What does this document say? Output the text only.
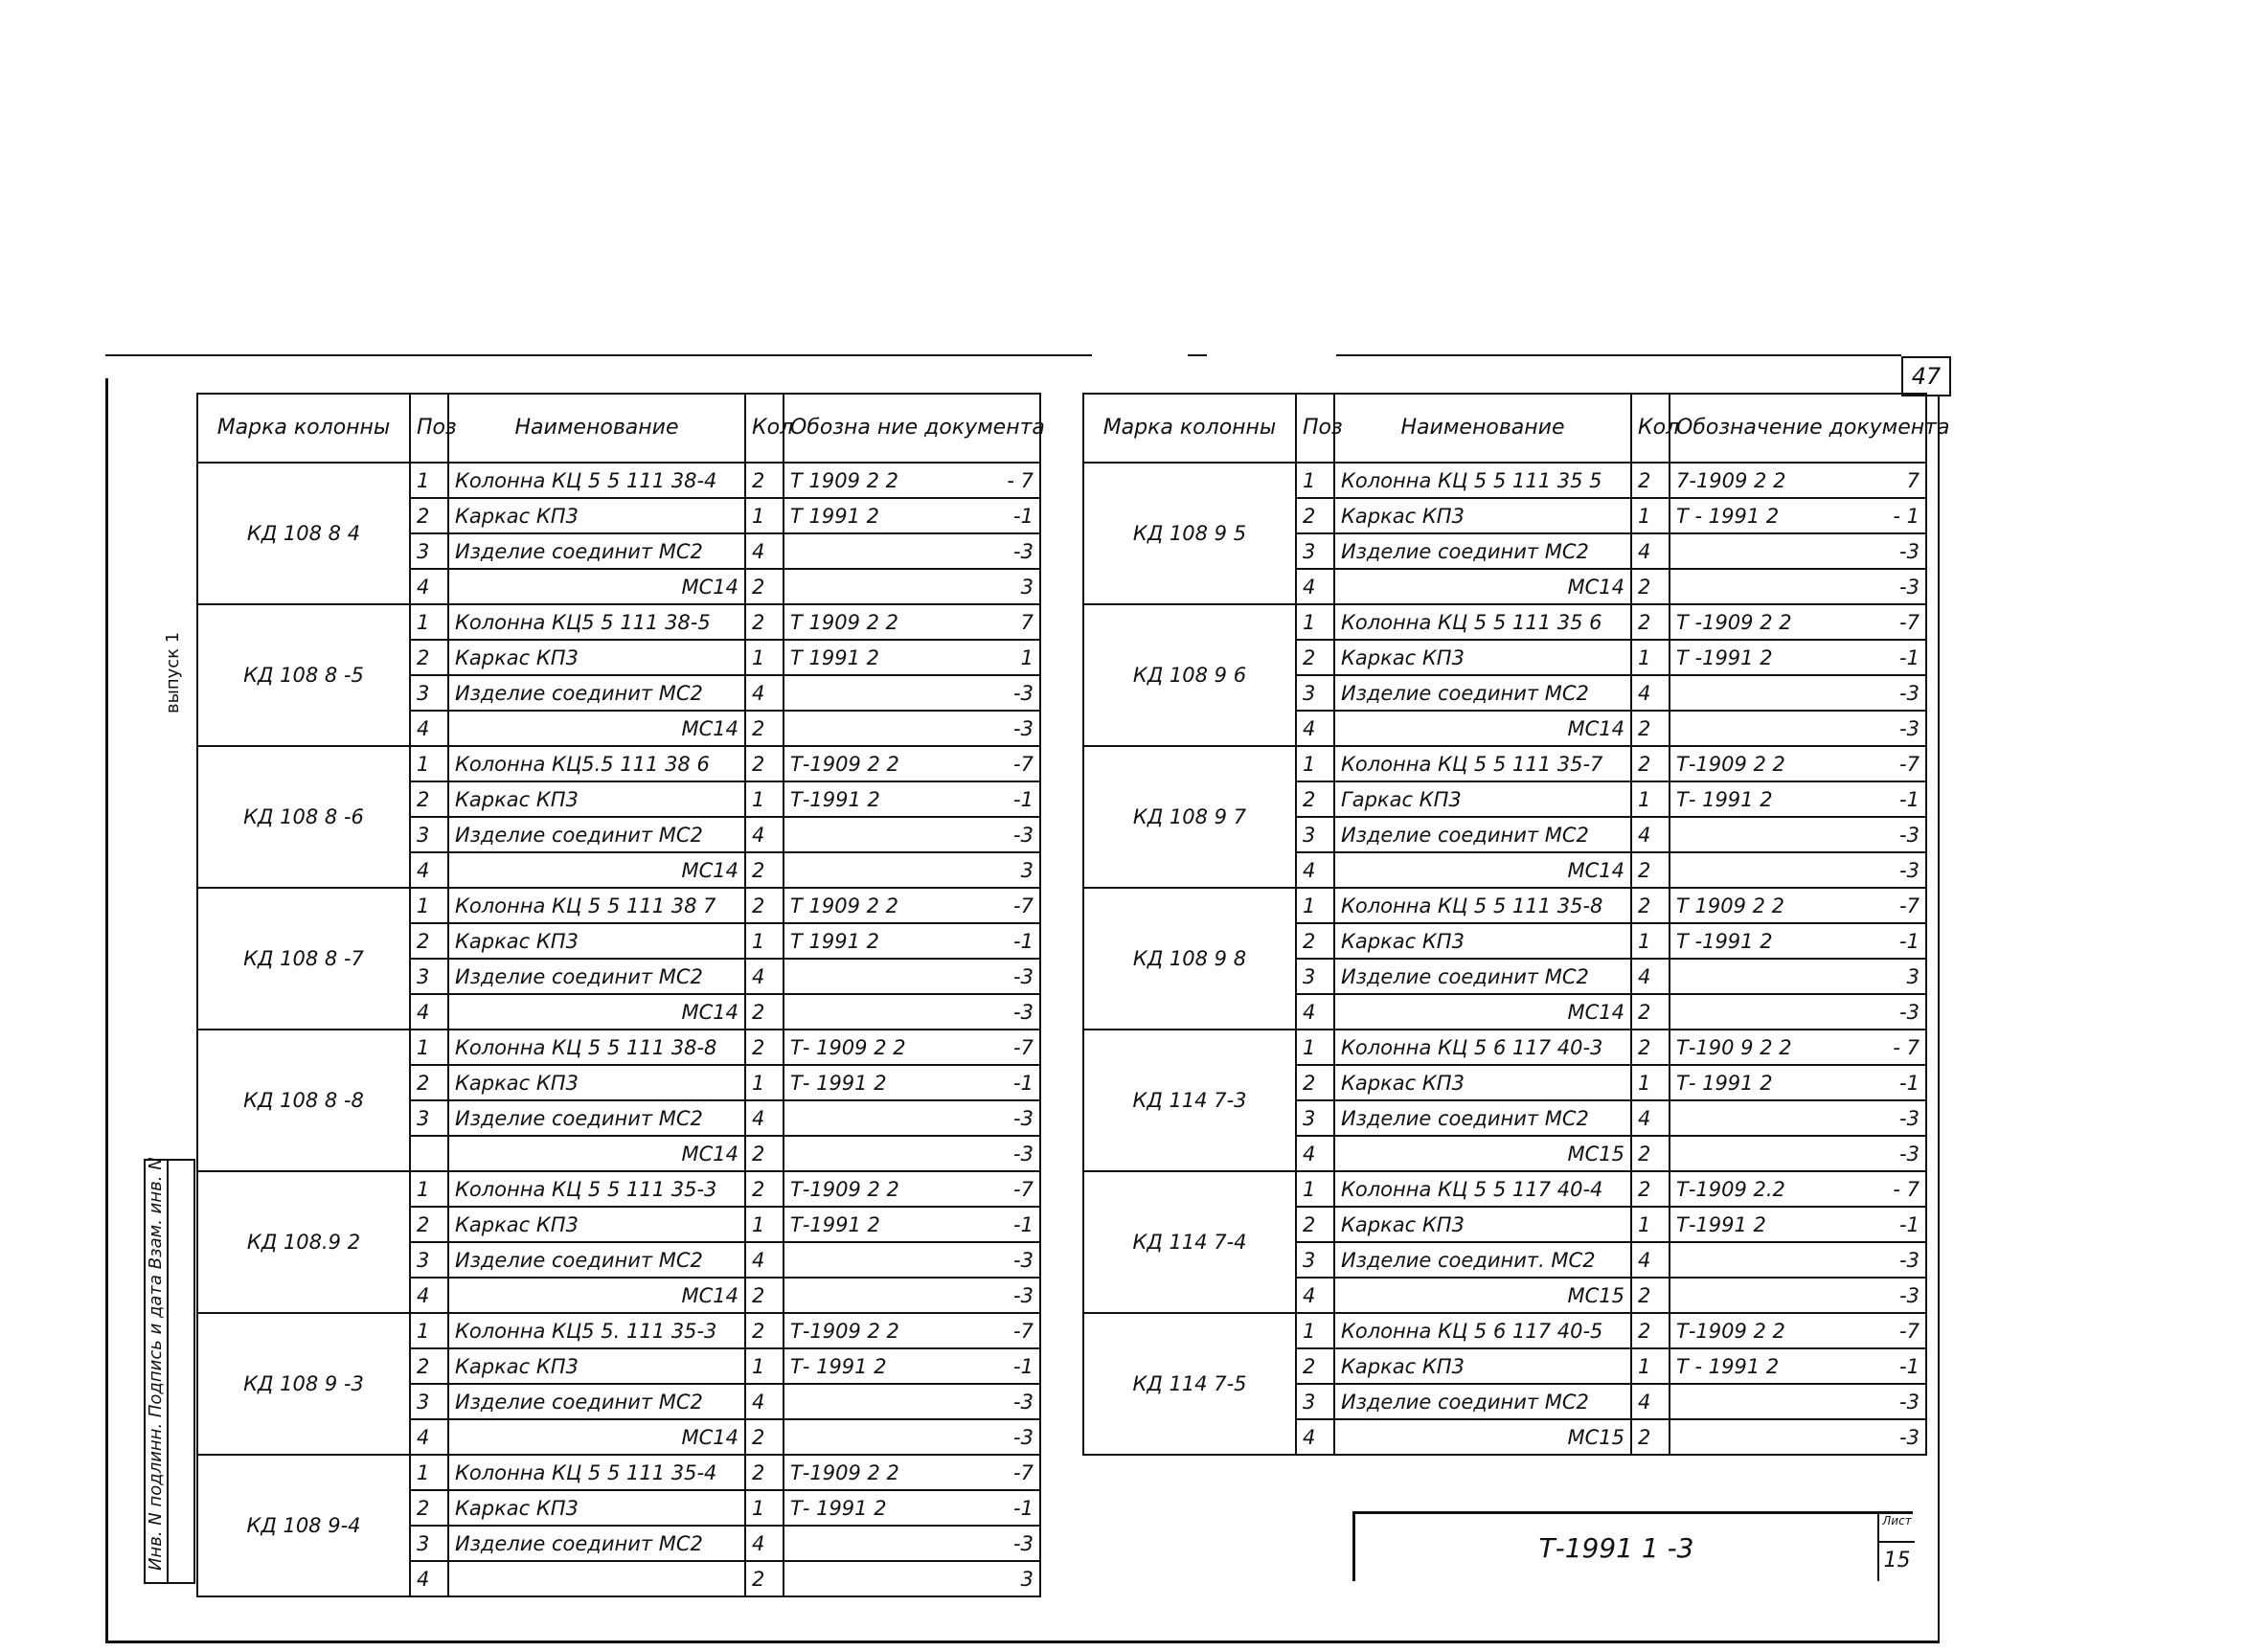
47
выпуск 1
Марка колонны	Поз	Наименование	Кол	Обозна ние документа
КД 108 8 4	1	Колонна КЦ 5 5 111 38-4	2	Т 1909 2 2 - 7

	2	Каркас КП3	1	Т 1991 2 -1

	3	Изделие соединит МС2	4	-3

	4	МС14	2	3

КД 108 8 -5	1	Колонна КЦ5 5 111 38-5	2	Т 1909 2 2 7

	2	Каркас КП3	1	Т 1991 2 1

	3	Изделие соединит МС2	4	-3

	4	МС14	2	-3

КД 108 8 -6	1	Колонна КЦ5.5 111 38 6	2	Т-1909 2 2 -7

	2	Каркас КП3	1	Т-1991 2 -1

	3	Изделие соединит МС2	4	-3

	4	МС14	2	3

КД 108 8 -7	1	Колонна КЦ 5 5 111 38 7	2	Т 1909 2 2 -7

	2	Каркас КП3	1	Т 1991 2 -1

	3	Изделие соединит МС2	4	-3

	4	МС14	2	-3

КД 108 8 -8	1	Колонна КЦ 5 5 111 38-8	2	Т- 1909 2 2 -7

	2	Каркас КП3	1	Т- 1991 2 -1

	3	Изделие соединит МС2	4	-3

		МС14	2	-3

КД 108.9 2	1	Колонна КЦ 5 5 111 35-3	2	Т-1909 2 2 -7

	2	Каркас КП3	1	Т-1991 2 -1

	3	Изделие соединит МС2	4	-3

	4	МС14	2	-3

КД 108 9 -3	1	Колонна КЦ5 5. 111 35-3	2	Т-1909 2 2 -7

	2	Каркас КП3	1	Т- 1991 2 -1

	3	Изделие соединит МС2	4	-3

	4	МС14	2	-3

КД 108 9-4	1	Колонна КЦ 5 5 111 35-4	2	Т-1909 2 2 -7

	2	Каркас КП3	1	Т- 1991 2 -1

	3	Изделие соединит МС2	4	-3

	4		2	3
Марка колонны	Поз	Наименование	Кол	Обозначение документа
КД 108 9 5	1	Колонна КЦ 5 5 111 35 5	2	7-1909 2 2 7

	2	Каркас КП3	1	Т - 1991 2 - 1

	3	Изделие соединит МС2	4	-3

	4	МС14	2	-3

КД 108 9 6	1	Колонна КЦ 5 5 111 35 6	2	Т -1909 2 2 -7

	2	Каркас КП3	1	Т -1991 2 -1

	3	Изделие соединит МС2	4	-3

	4	МС14	2	-3

КД 108 9 7	1	Колонна КЦ 5 5 111 35-7	2	Т-1909 2 2 -7

	2	Гаркас КП3	1	Т- 1991 2 -1

	3	Изделие соединит МС2	4	-3

	4	МС14	2	-3

КД 108 9 8	1	Колонна КЦ 5 5 111 35-8	2	Т 1909 2 2 -7

	2	Каркас КП3	1	Т -1991 2 -1

	3	Изделие соединит МС2	4	3

	4	МС14	2	-3

КД 114 7-3	1	Колонна КЦ 5 6 117 40-3	2	Т-190 9 2 2 - 7

	2	Каркас КП3	1	Т- 1991 2 -1

	3	Изделие соединит МС2	4	-3

	4	МС15	2	-3

КД 114 7-4	1	Колонна КЦ 5 5 117 40-4	2	Т-1909 2.2 - 7

	2	Каркас КП3	1	Т-1991 2 -1

	3	Изделие соединит. МС2	4	-3

	4	МС15	2	-3

КД 114 7-5	1	Колонна КЦ 5 6 117 40-5	2	Т-1909 2 2 -7

	2	Каркас КП3	1	Т - 1991 2 -1

	3	Изделие соединит МС2	4	-3

	4	МС15	2	-3
Инв. N подлинн. Подпись и дата Взам. инв. N	Т-1991 1 -3
Лист
15
